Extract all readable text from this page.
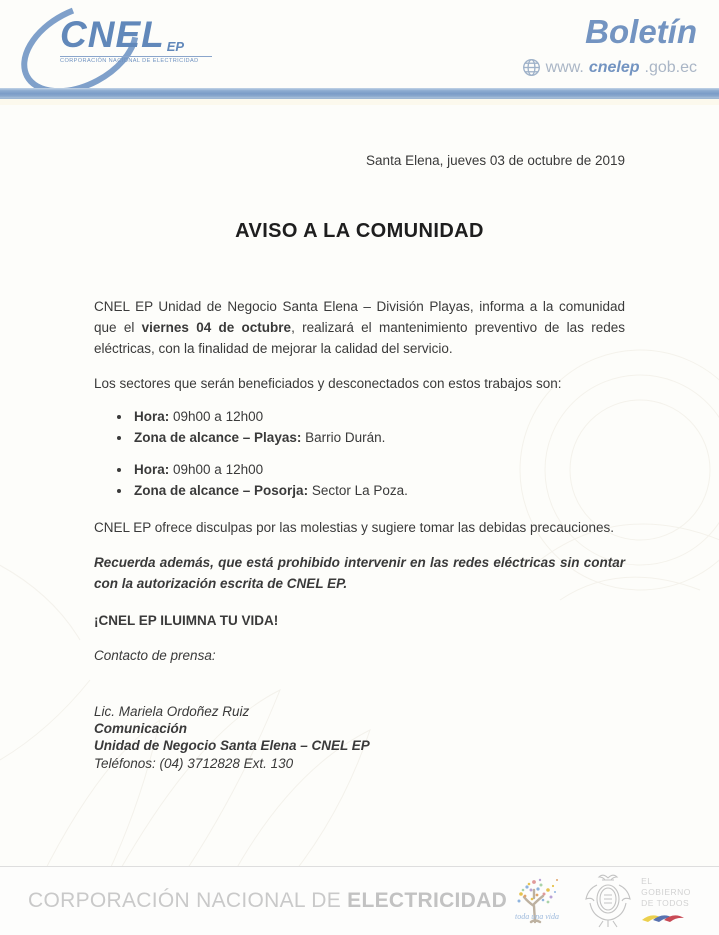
CNEL $_{EP}$
CORPORACIÓN NACIONAL DE ELECTRICIDAD
Boletín
www. cnelep .gob.ec
Santa Elena, jueves 03 de octubre de 2019
AVISO A LA COMUNIDAD

CNEL EP Unidad de Negocio Santa Elena – División Playas, informa a la comunidad que el viernes 04 de octubre, realizará el mantenimiento preventivo de las redes eléctricas, con la finalidad de mejorar la calidad del servicio.

Los sectores que serán beneficiados y desconectados con estos trabajos son:

• Hora: 09h00 a 12h00
• Zona de alcance – Playas: Barrio Durán.
• Hora: 09h00 a 12h00
• Zona de alcance – Posorja: Sector La Poza.

CNEL EP ofrece disculpas por las molestias y sugiere tomar las debidas precauciones.

Recuerda además, que está prohibido intervenir en las redes eléctricas sin contar con la autorización escrita de CNEL EP.

¡CNEL EP ILUIMNA TU VIDA!

Contacto de prensa:

Lic. Mariela Ordoñez Ruiz
Comunicación
Unidad de Negocio Santa Elena – CNEL EP
Teléfonos: (04) 3712828 Ext. 130
CORPORACIÓN NACIONAL DE ELECTRICIDAD
toda una vida
EL
GOBIERNO
DE TODOS
